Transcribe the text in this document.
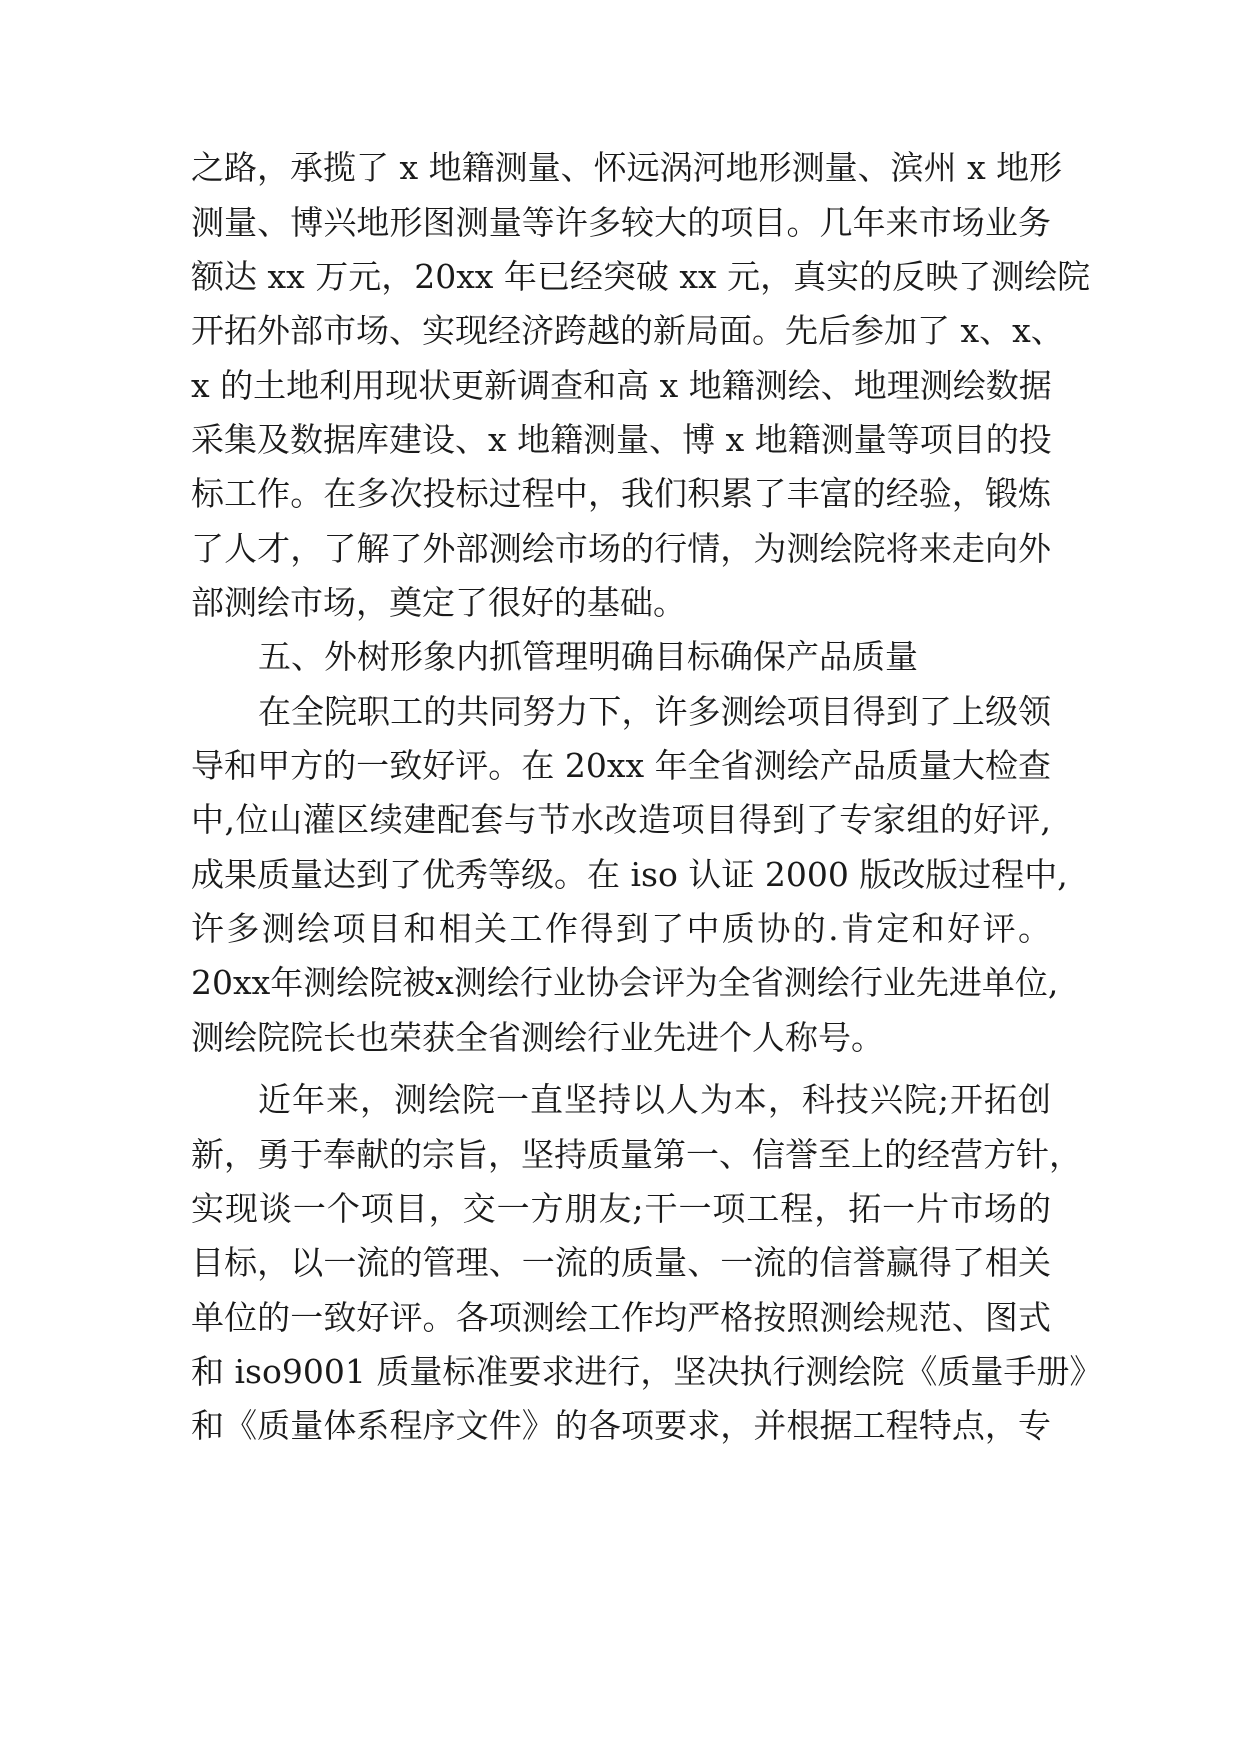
之路，承揽了 x 地籍测量、怀远涡河地形测量、滨州 x 地形
测量、博兴地形图测量等许多较大的项目。几年来市场业务
额达 xx 万元，20xx 年已经突破 xx 元，真实的反映了测绘院
开拓外部市场、实现经济跨越的新局面。先后参加了 x、x、
x 的土地利用现状更新调查和高 x 地籍测绘、地理测绘数据
采集及数据库建设、x 地籍测量、博 x 地籍测量等项目的投
标工作。在多次投标过程中，我们积累了丰富的经验，锻炼
了人才，了解了外部测绘市场的行情，为测绘院将来走向外
部测绘市场，奠定了很好的基础。
五、外树形象内抓管理明确目标确保产品质量
在全院职工的共同努力下，许多测绘项目得到了上级领
导和甲方的一致好评。在 20xx 年全省测绘产品质量大检查
中,位山灌区续建配套与节水改造项目得到了专家组的好评,
成果质量达到了优秀等级。在 iso 认证 2000 版改版过程中,
许多测绘项目和相关工作得到了中质协的.肯定和好评。
20xx年测绘院被x测绘行业协会评为全省测绘行业先进单位,
测绘院院长也荣获全省测绘行业先进个人称号。
近年来，测绘院一直坚持以人为本，科技兴院;开拓创
新，勇于奉献的宗旨，坚持质量第一、信誉至上的经营方针，
实现谈一个项目，交一方朋友;干一项工程，拓一片市场的
目标，以一流的管理、一流的质量、一流的信誉赢得了相关
单位的一致好评。各项测绘工作均严格按照测绘规范、图式
和 iso9001 质量标准要求进行，坚决执行测绘院《质量手册》
和《质量体系程序文件》的各项要求，并根据工程特点，专
